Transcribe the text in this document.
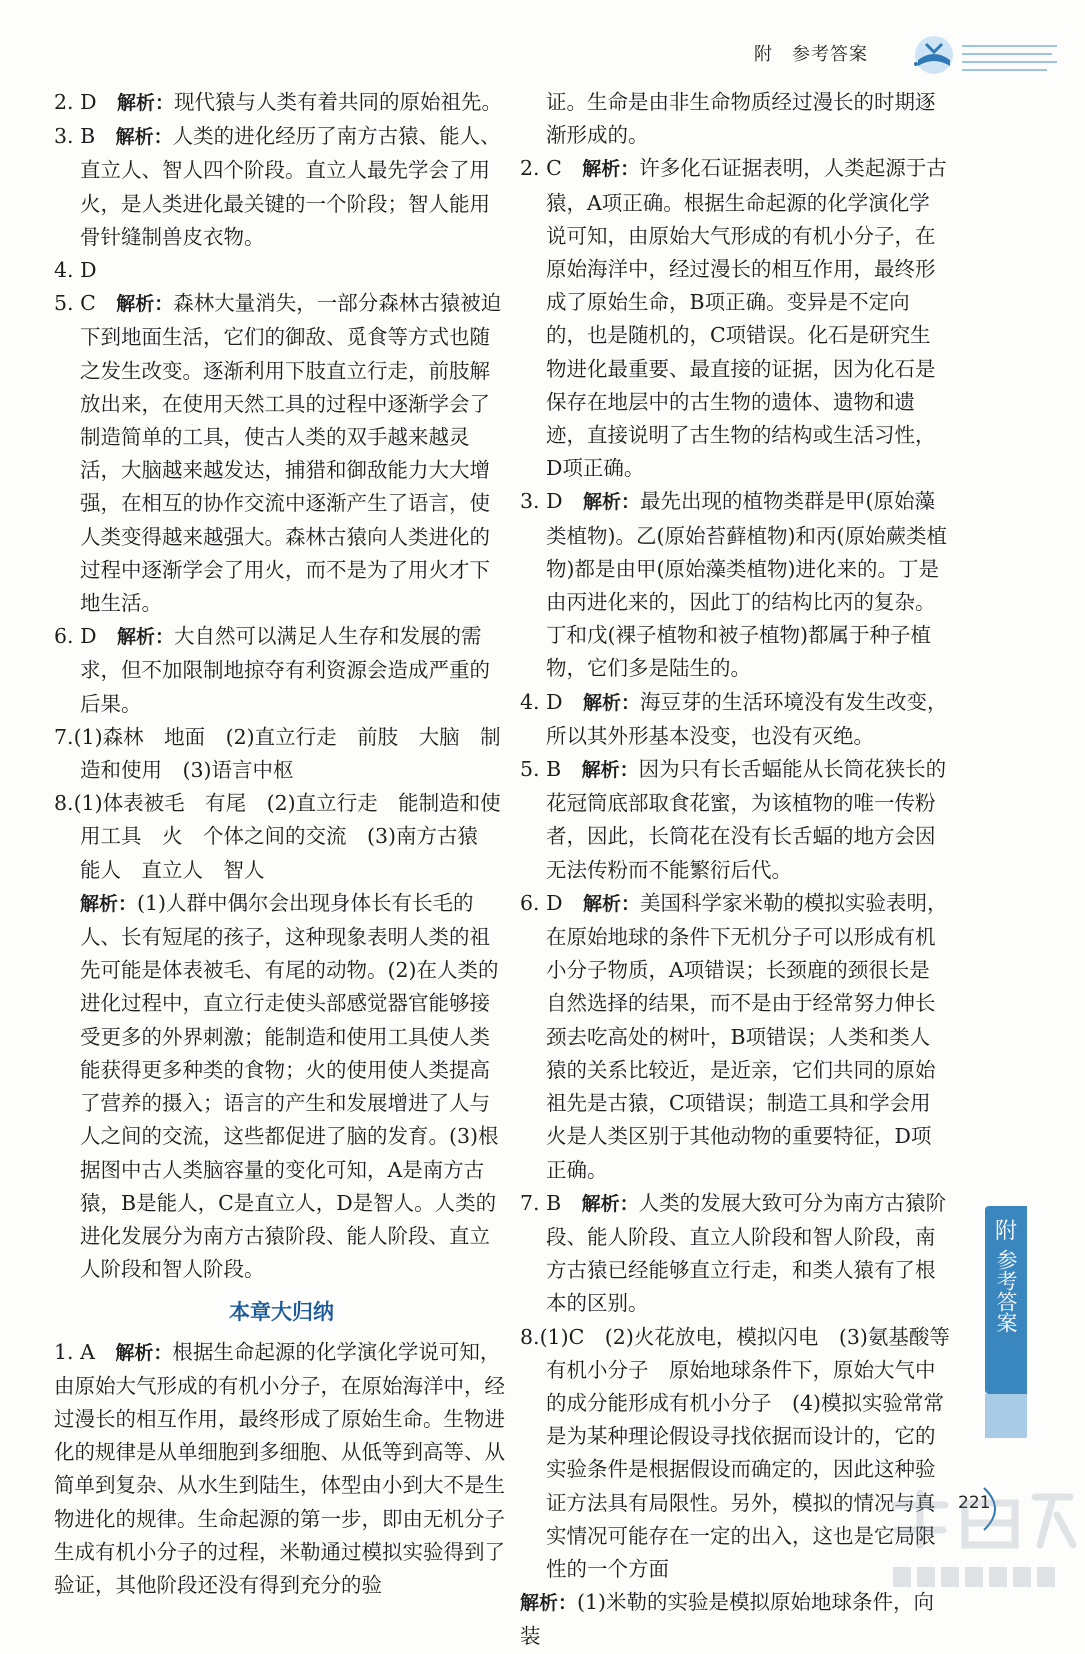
附　参考答案

2. D　 解析：现代猿与人类有着共同的原始祖先。

3. B　 解析：人类的进化经历了南方古猿、能人、直立人、智人四个阶段。直立人最先学会了用火，是人类进化最关键的一个阶段；智人能用骨针缝制兽皮衣物。

4. D

5. C　 解析：森林大量消失，一部分森林古猿被迫下到地面生活，它们的御敌、觅食等方式也随之发生改变。逐渐利用下肢直立行走，前肢解放出来，在使用天然工具的过程中逐渐学会了制造简单的工具，使古人类的双手越来越灵活，大脑越来越发达，捕猎和御敌能力大大增强，在相互的协作交流中逐渐产生了语言，使人类变得越来越强大。森林古猿向人类进化的过程中逐渐学会了用火，而不是为了用火才下地生活。

6. D　 解析：大自然可以满足人生存和发展的需求，但不加限制地掠夺有利资源会造成严重的后果。

7.(1)森林　地面　(2)直立行走　前肢　大脑　制造和使用　(3)语言中枢

8.(1)体表被毛　有尾　(2)直立行走　能制造和使用工具　火　个体之间的交流　(3)南方古猿　能人　直立人　智人

解析：(1)人群中偶尔会出现身体长有长毛的人、长有短尾的孩子，这种现象表明人类的祖先可能是体表被毛、有尾的动物。(2)在人类的进化过程中，直立行走使头部感觉器官能够接受更多的外界刺激；能制造和使用工具使人类能获得更多种类的食物；火的使用使人类提高了营养的摄入；语言的产生和发展增进了人与人之间的交流，这些都促进了脑的发育。(3)根据图中古人类脑容量的变化可知，A是南方古猿，B是能人，C是直立人，D是智人。人类的进化发展分为南方古猿阶段、能人阶段、直立人阶段和智人阶段。

本章大归纳

1. A　 解析：根据生命起源的化学演化学说可知，由原始大气形成的有机小分子，在原始海洋中，经过漫长的相互作用，最终形成了原始生命。生物进化的规律是从单细胞到多细胞、从低等到高等、从简单到复杂、从水生到陆生，体型由小到大不是生物进化的规律。生命起源的第一步，即由无机分子生成有机小分子的过程，米勒通过模拟实验得到了验证，其他阶段还没有得到充分的验

证。生命是由非生命物质经过漫长的时期逐渐形成的。

2. C　 解析：许多化石证据表明，人类起源于古猿，A项正确。根据生命起源的化学演化学说可知，由原始大气形成的有机小分子，在原始海洋中，经过漫长的相互作用，最终形成了原始生命，B项正确。变异是不定向的，也是随机的，C项错误。化石是研究生物进化最重要、最直接的证据，因为化石是保存在地层中的古生物的遗体、遗物和遗迹，直接说明了古生物的结构或生活习性，D项正确。

3. D　 解析：最先出现的植物类群是甲(原始藻类植物)。乙(原始苔藓植物)和丙(原始蕨类植物)都是由甲(原始藻类植物)进化来的。丁是由丙进化来的，因此丁的结构比丙的复杂。丁和戊(裸子植物和被子植物)都属于种子植物，它们多是陆生的。

4. D　 解析：海豆芽的生活环境没有发生改变，所以其外形基本没变，也没有灭绝。

5. B　 解析：因为只有长舌蝠能从长筒花狭长的花冠筒底部取食花蜜，为该植物的唯一传粉者，因此，长筒花在没有长舌蝠的地方会因无法传粉而不能繁衍后代。

6. D　 解析：美国科学家米勒的模拟实验表明，在原始地球的条件下无机分子可以形成有机小分子物质，A项错误；长颈鹿的颈很长是自然选择的结果，而不是由于经常努力伸长颈去吃高处的树叶，B项错误；人类和类人猿的关系比较近，是近亲，它们共同的原始祖先是古猿，C项错误；制造工具和学会用火是人类区别于其他动物的重要特征，D项正确。

7. B　 解析：人类的发展大致可分为南方古猿阶段、能人阶段、直立人阶段和智人阶段，南方古猿已经能够直立行走，和类人猿有了根本的区别。

8.(1)C　(2)火花放电，模拟闪电　(3)氨基酸等有机小分子　原始地球条件下，原始大气中的成分能形成有机小分子　(4)模拟实验常常是为某种理论假设寻找依据而设计的，它的实验条件是根据假设而确定的，因此这种验证方法具有局限性。另外，模拟的情况与真实情况可能存在一定的出入，这也是它局限性的一个方面

解析：(1)米勒的实验是模拟原始地球条件，向装

附
参考答案
221
